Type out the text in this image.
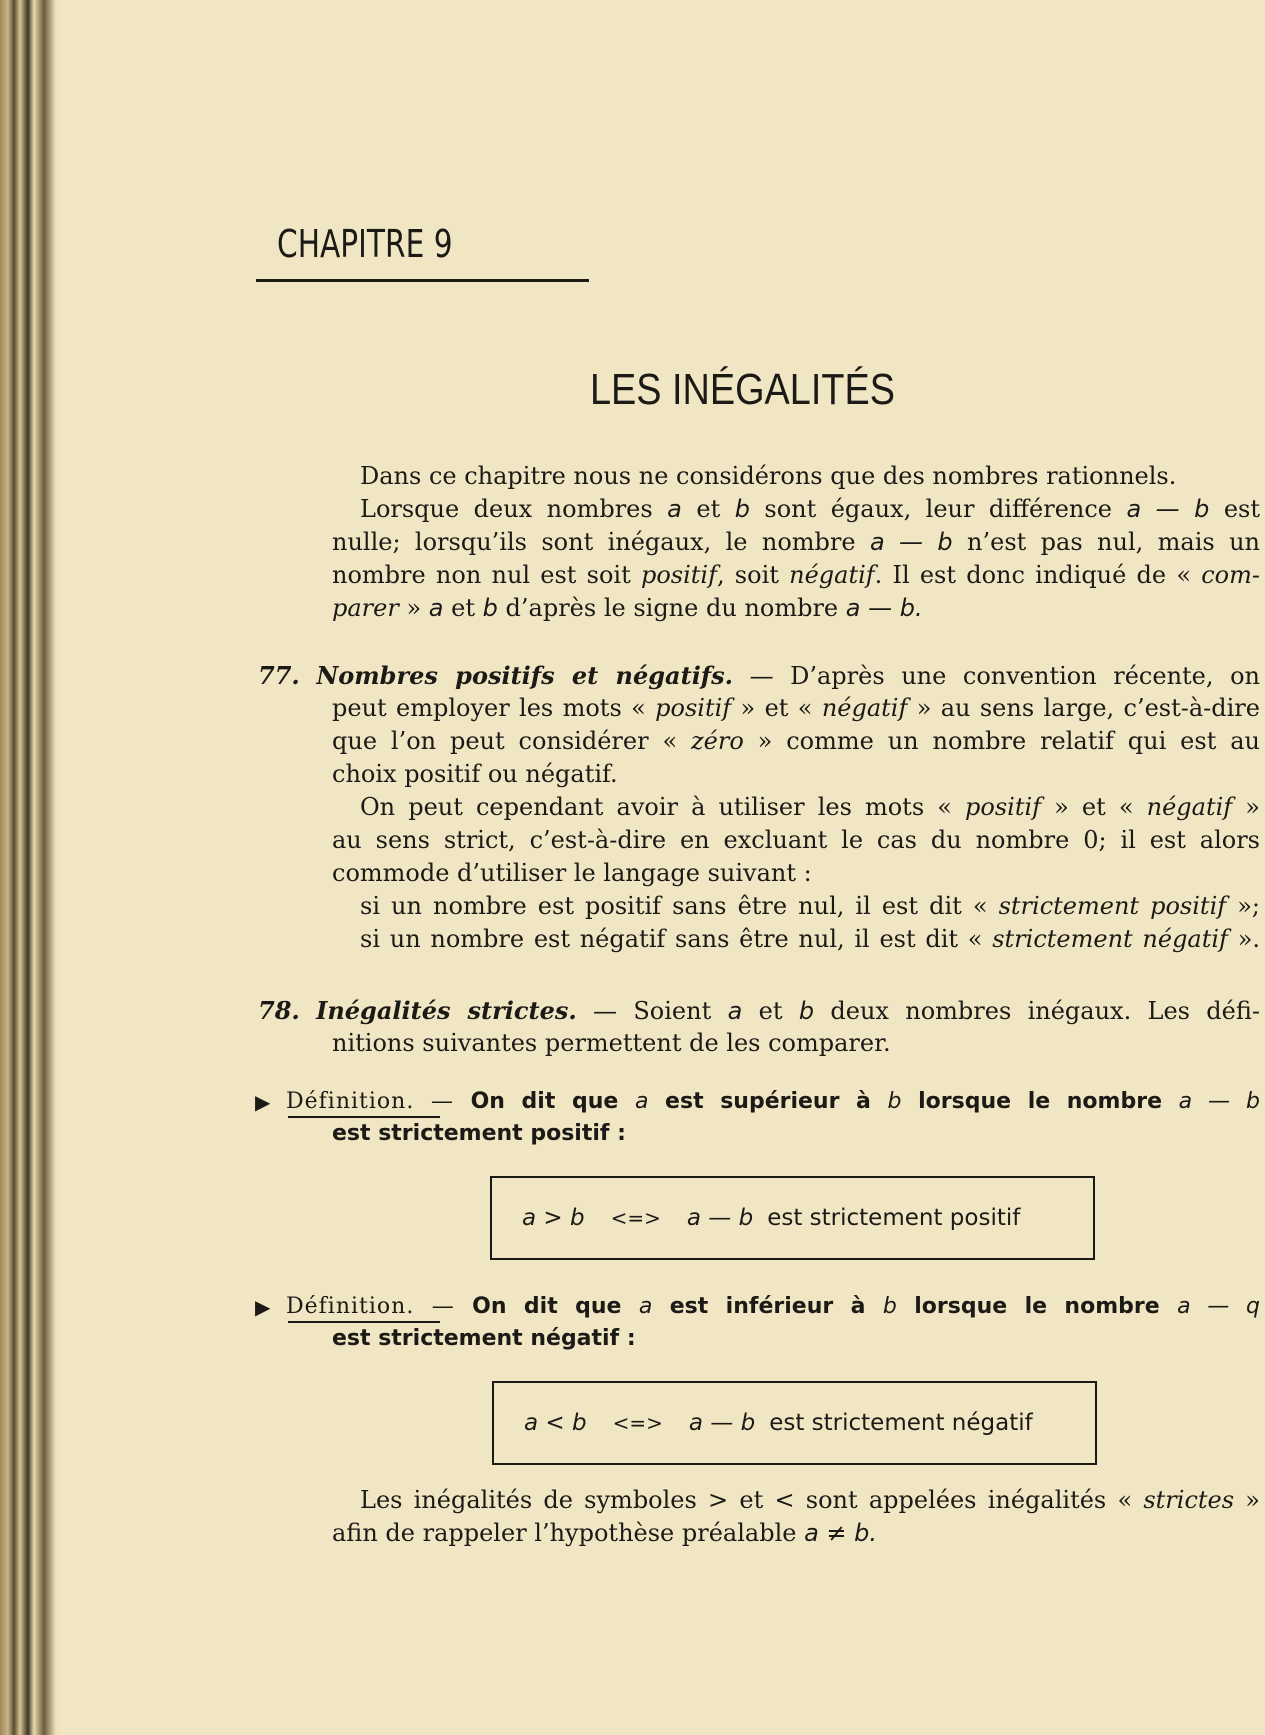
CHAPITRE 9
LES INÉGALITÉS
Dans ce chapitre nous ne considérons que des nombres rationnels.
Lorsque deux nombres a et b sont égaux, leur différence a — b est
nulle; lorsqu’ils sont inégaux, le nombre a — b n’est pas nul, mais un
nombre non nul est soit positif, soit négatif. Il est donc indiqué de « com-
parer » a et b d’après le signe du nombre a — b.
77. Nombres positifs et négatifs. — D’après une convention récente, on
peut employer les mots « positif » et « négatif » au sens large, c’est-à-dire
que l’on peut considérer « zéro » comme un nombre relatif qui est au
choix positif ou négatif.
On peut cependant avoir à utiliser les mots « positif » et « négatif »
au sens strict, c’est-à-dire en excluant le cas du nombre 0; il est alors
commode d’utiliser le langage suivant :
si un nombre est positif sans être nul, il est dit « strictement positif »;
si un nombre est négatif sans être nul, il est dit « strictement négatif ».
78. Inégalités strictes. — Soient a et b deux nombres inégaux. Les défi-
nitions suivantes permettent de les comparer.
▶ Définition. — On dit que a est supérieur à b lorsque le nombre a — b
est strictement positif :
a > b <=> a — b est strictement positif
▶ Définition. — On dit que a est inférieur à b lorsque le nombre a — q
est strictement négatif :
a < b <=> a — b est strictement négatif
Les inégalités de symboles > et < sont appelées inégalités « strictes »
afin de rappeler l’hypothèse préalable a ≠ b.
